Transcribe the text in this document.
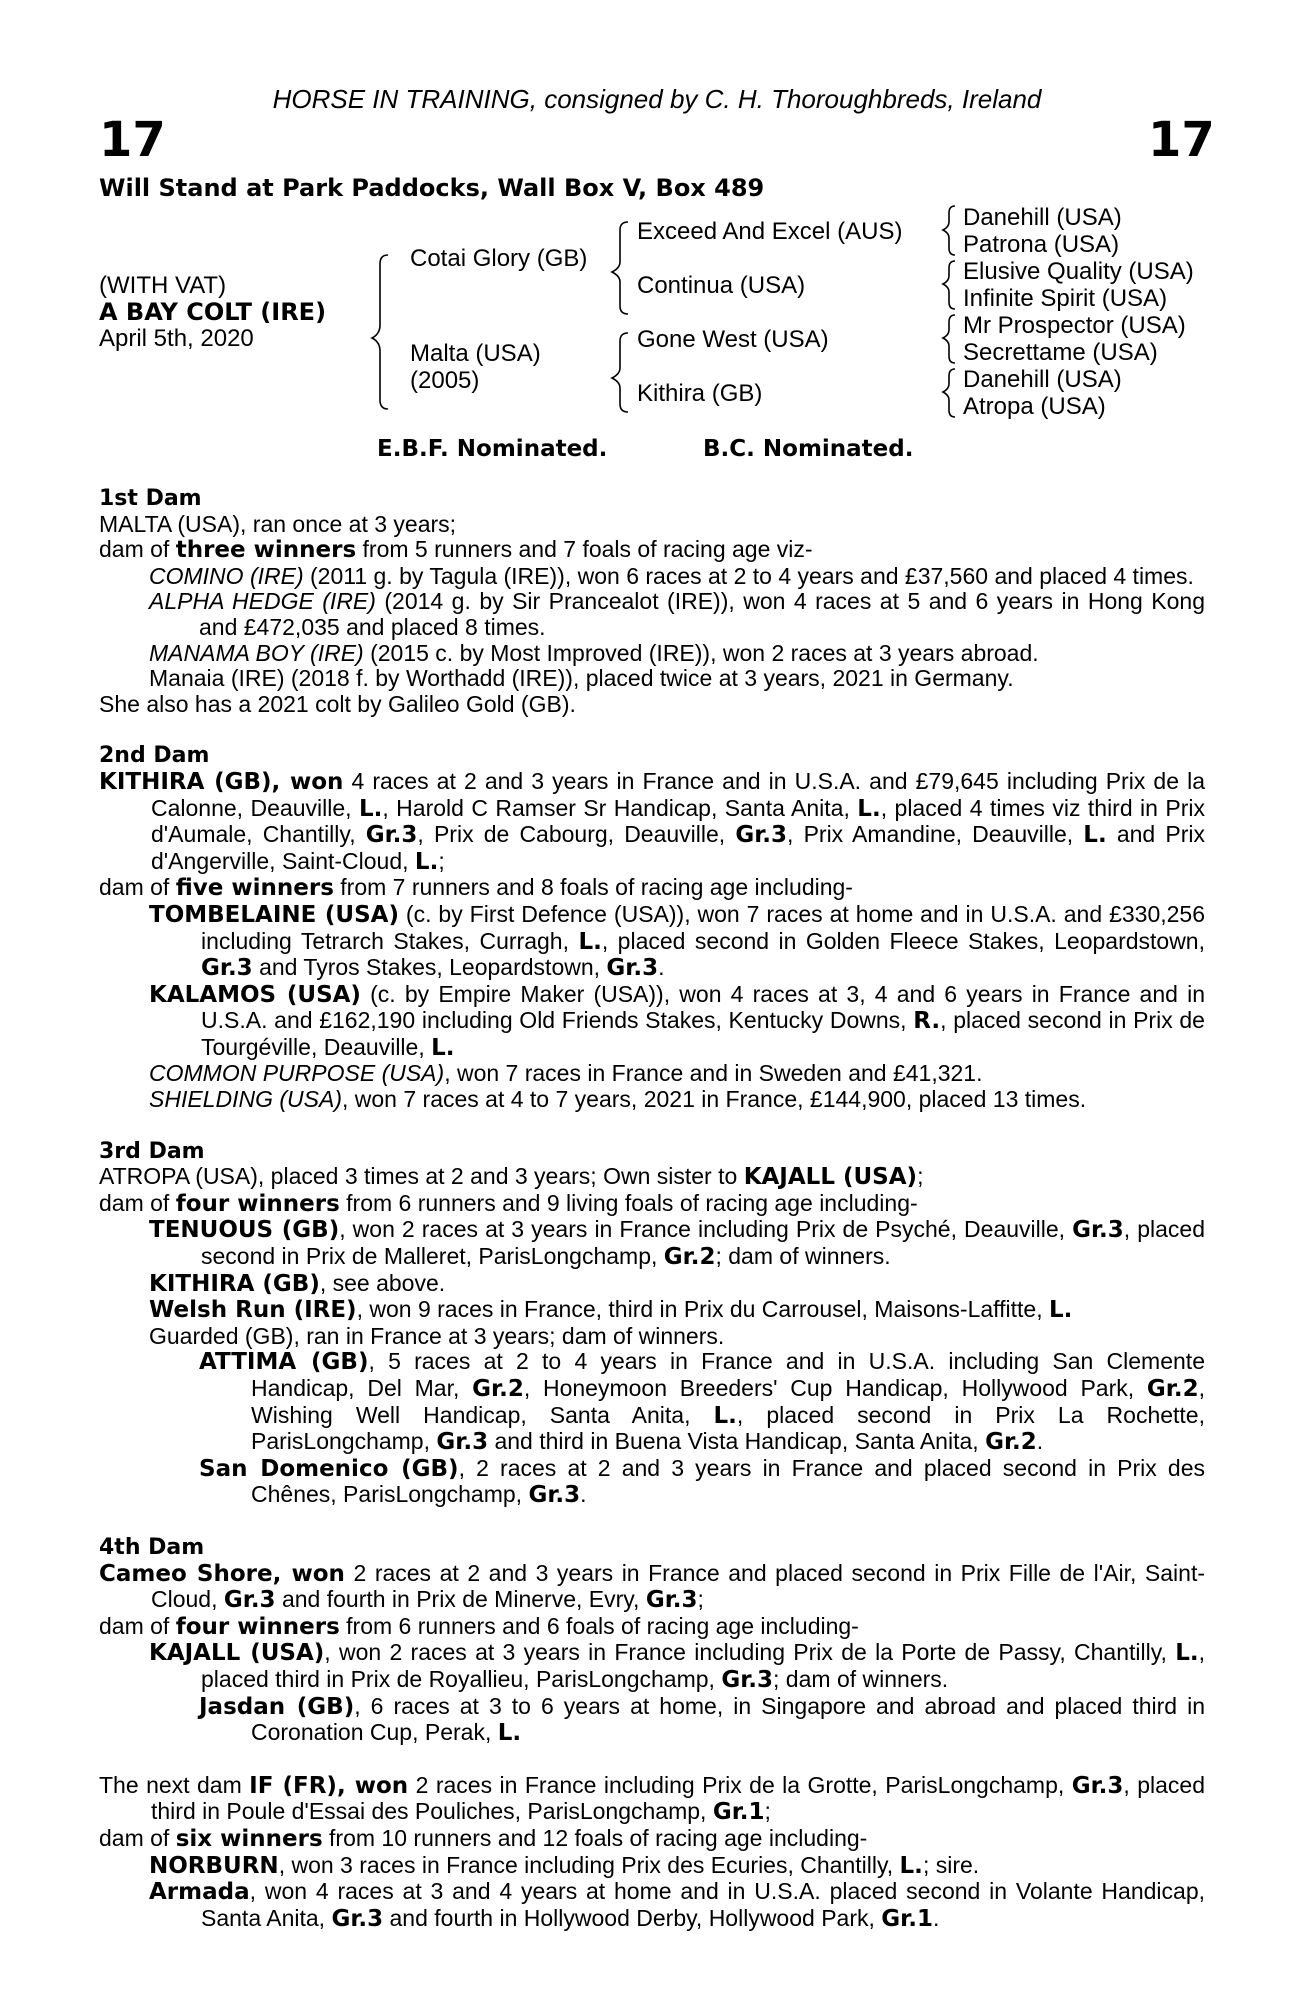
HORSE IN TRAINING, consigned by C. H. Thoroughbreds, Ireland
17	17
Will Stand at Park Paddocks, Wall Box V, Box 489
(WITH VAT)
A BAY COLT (IRE)
April 5th, 2020
Cotai Glory (GB)
Malta (USA)
(2005)
Exceed And Excel (AUS)
Continua (USA)
Gone West (USA)
Kithira (GB)
Danehill (USA)
Patrona (USA)
Elusive Quality (USA)
Infinite Spirit (USA)
Mr Prospector (USA)
Secrettame (USA)
Danehill (USA)
Atropa (USA)
E.B.F. Nominated.	B.C. Nominated.
1st Dam

MALTA (USA), ran once at 3 years;

dam of three winners from 5 runners and 7 foals of racing age viz-

COMINO (IRE) (2011 g. by Tagula (IRE)), won 6 races at 2 to 4 years and £37,560 and placed 4 times.

ALPHA HEDGE (IRE) (2014 g. by Sir Prancealot (IRE)), won 4 races at 5 and 6 years in Hong Kong and £472,035 and placed 8 times.

MANAMA BOY (IRE) (2015 c. by Most Improved (IRE)), won 2 races at 3 years abroad.

Manaia (IRE) (2018 f. by Worthadd (IRE)), placed twice at 3 years, 2021 in Germany.

She also has a 2021 colt by Galileo Gold (GB).

2nd Dam

KITHIRA (GB), won 4 races at 2 and 3 years in France and in U.S.A. and £79,645 including Prix de la Calonne, Deauville, L., Harold C Ramser Sr Handicap, Santa Anita, L., placed 4 times viz third in Prix d'Aumale, Chantilly, Gr.3, Prix de Cabourg, Deauville, Gr.3, Prix Amandine, Deauville, L. and Prix d'Angerville, Saint-Cloud, L.;

dam of five winners from 7 runners and 8 foals of racing age including-

TOMBELAINE (USA) (c. by First Defence (USA)), won 7 races at home and in U.S.A. and £330,256 including Tetrarch Stakes, Curragh, L., placed second in Golden Fleece Stakes, Leopardstown, Gr.3 and Tyros Stakes, Leopardstown, Gr.3.

KALAMOS (USA) (c. by Empire Maker (USA)), won 4 races at 3, 4 and 6 years in France and in U.S.A. and £162,190 including Old Friends Stakes, Kentucky Downs, R., placed second in Prix de Tourgéville, Deauville, L.

COMMON PURPOSE (USA), won 7 races in France and in Sweden and £41,321.

SHIELDING (USA), won 7 races at 4 to 7 years, 2021 in France, £144,900, placed 13 times.

3rd Dam

ATROPA (USA), placed 3 times at 2 and 3 years; Own sister to KAJALL (USA);

dam of four winners from 6 runners and 9 living foals of racing age including-

TENUOUS (GB), won 2 races at 3 years in France including Prix de Psyché, Deauville, Gr.3, placed second in Prix de Malleret, ParisLongchamp, Gr.2; dam of winners.

KITHIRA (GB), see above.

Welsh Run (IRE), won 9 races in France, third in Prix du Carrousel, Maisons-Laffitte, L.

Guarded (GB), ran in France at 3 years; dam of winners.

ATTIMA (GB), 5 races at 2 to 4 years in France and in U.S.A. including San Clemente Handicap, Del Mar, Gr.2, Honeymoon Breeders' Cup Handicap, Hollywood Park, Gr.2, Wishing Well Handicap, Santa Anita, L., placed second in Prix La Rochette, ParisLongchamp, Gr.3 and third in Buena Vista Handicap, Santa Anita, Gr.2.

San Domenico (GB), 2 races at 2 and 3 years in France and placed second in Prix des Chênes, ParisLongchamp, Gr.3.

4th Dam

Cameo Shore, won 2 races at 2 and 3 years in France and placed second in Prix Fille de l'Air, Saint-Cloud, Gr.3 and fourth in Prix de Minerve, Evry, Gr.3;

dam of four winners from 6 runners and 6 foals of racing age including-

KAJALL (USA), won 2 races at 3 years in France including Prix de la Porte de Passy, Chantilly, L., placed third in Prix de Royallieu, ParisLongchamp, Gr.3; dam of winners.

Jasdan (GB), 6 races at 3 to 6 years at home, in Singapore and abroad and placed third in Coronation Cup, Perak, L.

The next dam IF (FR), won 2 races in France including Prix de la Grotte, ParisLongchamp, Gr.3, placed third in Poule d'Essai des Pouliches, ParisLongchamp, Gr.1;

dam of six winners from 10 runners and 12 foals of racing age including-

NORBURN, won 3 races in France including Prix des Ecuries, Chantilly, L.; sire.

Armada, won 4 races at 3 and 4 years at home and in U.S.A. placed second in Volante Handicap, Santa Anita, Gr.3 and fourth in Hollywood Derby, Hollywood Park, Gr.1.
